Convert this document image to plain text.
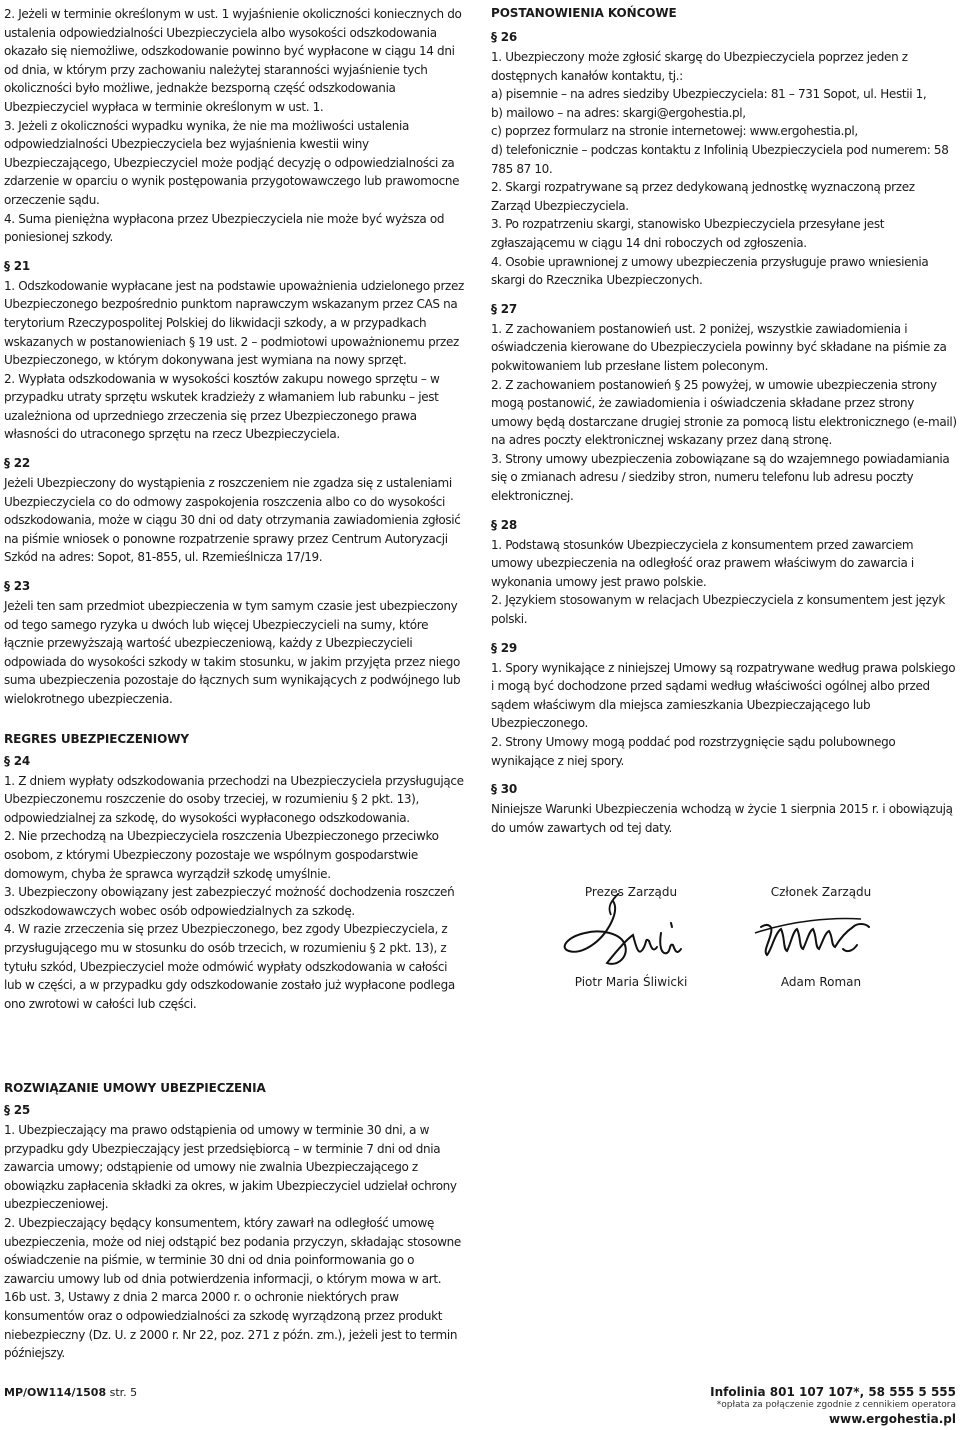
2. Jeżeli w terminie określonym w ust. 1 wyjaśnienie okoliczności koniecznych do ustalenia odpowiedzialności Ubezpieczyciela albo wysokości odszkodowania okazało się niemożliwe, odszkodowanie powinno być wypłacone w ciągu 14 dni od dnia, w którym przy zachowaniu należytej staranności wyjaśnienie tych okoliczności było możliwe, jednakże bezsporną część odszkodowania Ubezpieczyciel wypłaca w terminie określonym w ust. 1.

3. Jeżeli z okoliczności wypadku wynika, że nie ma możliwości ustalenia odpowiedzialności Ubezpieczyciela bez wyjaśnienia kwestii winy Ubezpieczającego, Ubezpieczyciel może podjąć decyzję o odpowiedzialności za zdarzenie w oparciu o wynik postępowania przygotowawczego lub prawomocne orzeczenie sądu.

4. Suma pieniężna wypłacona przez Ubezpieczyciela nie może być wyższa od poniesionej szkody.

§ 21

1. Odszkodowanie wypłacane jest na podstawie upoważnienia udzielonego przez Ubezpieczonego bezpośrednio punktom naprawczym wskazanym przez CAS na terytorium Rzeczypospolitej Polskiej do likwidacji szkody, a w przypadkach wskazanych w postanowieniach § 19 ust. 2 – podmiotowi upoważnionemu przez Ubezpieczonego, w którym dokonywana jest wymiana na nowy sprzęt.

2. Wypłata odszkodowania w wysokości kosztów zakupu nowego sprzętu – w przypadku utraty sprzętu wskutek kradzieży z włamaniem lub rabunku – jest uzależniona od uprzedniego zrzeczenia się przez Ubezpieczonego prawa własności do utraconego sprzętu na rzecz Ubezpieczyciela.

§ 22

Jeżeli Ubezpieczony do wystąpienia z roszczeniem nie zgadza się z ustaleniami Ubezpieczyciela co do odmowy zaspokojenia roszczenia albo co do wysokości odszkodowania, może w ciągu 30 dni od daty otrzymania zawiadomienia zgłosić na piśmie wniosek o ponowne rozpatrzenie sprawy przez Centrum Autoryzacji Szkód na adres: Sopot, 81-855, ul. Rzemieślnicza 17/19.

§ 23

Jeżeli ten sam przedmiot ubezpieczenia w tym samym czasie jest ubezpieczony od tego samego ryzyka u dwóch lub więcej Ubezpieczycieli na sumy, które łącznie przewyższają wartość ubezpieczeniową, każdy z Ubezpieczycieli odpowiada do wysokości szkody w takim stosunku, w jakim przyjęta przez niego suma ubezpieczenia pozostaje do łącznych sum wynikających z podwójnego lub wielokrotnego ubezpieczenia.

REGRES UBEZPIECZENIOWY
§ 24

1. Z dniem wypłaty odszkodowania przechodzi na Ubezpieczyciela przysługujące Ubezpieczonemu roszczenie do osoby trzeciej, w rozumieniu § 2 pkt. 13), odpowiedzialnej za szkodę, do wysokości wypłaconego odszkodowania.

2. Nie przechodzą na Ubezpieczyciela roszczenia Ubezpieczonego przeciwko osobom, z którymi Ubezpieczony pozostaje we wspólnym gospodarstwie domowym, chyba że sprawca wyrządził szkodę umyślnie.

3. Ubezpieczony obowiązany jest zabezpieczyć możność dochodzenia roszczeń odszkodowawczych wobec osób odpowiedzialnych za szkodę.

4. W razie zrzeczenia się przez Ubezpieczonego, bez zgody Ubezpieczyciela, z przysługującego mu w stosunku do osób trzecich, w rozumieniu § 2 pkt. 13), z tytułu szkód, Ubezpieczyciel może odmówić wypłaty odszkodowania w całości lub w części, a w przypadku gdy odszkodowanie zostało już wypłacone podlega ono zwrotowi w całości lub części.

ROZWIĄZANIE UMOWY UBEZPIECZENIA
§ 25

1. Ubezpieczający ma prawo odstąpienia od umowy w terminie 30 dni, a w przypadku gdy Ubezpieczający jest przedsiębiorcą – w terminie 7 dni od dnia zawarcia umowy; odstąpienie od umowy nie zwalnia Ubezpieczającego z obowiązku zapłacenia składki za okres, w jakim Ubezpieczyciel udzielał ochrony ubezpieczeniowej.

2. Ubezpieczający będący konsumentem, który zawarł na odległość umowę ubezpieczenia, może od niej odstąpić bez podania przyczyn, składając stosowne oświadczenie na piśmie, w terminie 30 dni od dnia poinformowania go o zawarciu umowy lub od dnia potwierdzenia informacji, o którym mowa w art. 16b ust. 3, Ustawy z dnia 2 marca 2000 r. o ochronie niektórych praw konsumentów oraz o odpowiedzialności za szkodę wyrządzoną przez produkt niebezpieczny (Dz. U. z 2000 r. Nr 22, poz. 271 z późn. zm.), jeżeli jest to termin późniejszy.

POSTANOWIENIA KOŃCOWE
§ 26

1. Ubezpieczony może zgłosić skargę do Ubezpieczyciela poprzez jeden z dostępnych kanałów kontaktu, tj.:

a) pisemnie – na adres siedziby Ubezpieczyciela: 81 – 731 Sopot, ul. Hestii 1,

b) mailowo – na adres: skargi@ergohestia.pl,

c) poprzez formularz na stronie internetowej: www.ergohestia.pl,

d) telefonicznie – podczas kontaktu z Infolinią Ubezpieczyciela pod numerem: 58 785 87 10.

2. Skargi rozpatrywane są przez dedykowaną jednostkę wyznaczoną przez Zarząd Ubezpieczyciela.

3. Po rozpatrzeniu skargi, stanowisko Ubezpieczyciela przesyłane jest zgłaszającemu w ciągu 14 dni roboczych od zgłoszenia.

4. Osobie uprawnionej z umowy ubezpieczenia przysługuje prawo wniesienia skargi do Rzecznika Ubezpieczonych.

§ 27

1. Z zachowaniem postanowień ust. 2 poniżej, wszystkie zawiadomienia i oświadczenia kierowane do Ubezpieczyciela powinny być składane na piśmie za pokwitowaniem lub przesłane listem poleconym.

2. Z zachowaniem postanowień § 25 powyżej, w umowie ubezpieczenia strony mogą postanowić, że zawiadomienia i oświadczenia składane przez strony umowy będą dostarczane drugiej stronie za pomocą listu elektronicznego (e-mail) na adres poczty elektronicznej wskazany przez daną stronę.

3. Strony umowy ubezpieczenia zobowiązane są do wzajemnego powiadamiania się o zmianach adresu / siedziby stron, numeru telefonu lub adresu poczty elektronicznej.

§ 28

1. Podstawą stosunków Ubezpieczyciela z konsumentem przed zawarciem umowy ubezpieczenia na odległość oraz prawem właściwym do zawarcia i wykonania umowy jest prawo polskie.

2. Językiem stosowanym w relacjach Ubezpieczyciela z konsumentem jest język polski.

§ 29

1. Spory wynikające z niniejszej Umowy są rozpatrywane według prawa polskiego i mogą być dochodzone przed sądami według właściwości ogólnej albo przed sądem właściwym dla miejsca zamieszkania Ubezpieczającego lub Ubezpieczonego.

2. Strony Umowy mogą poddać pod rozstrzygnięcie sądu polubownego wynikające z niej spory.

§ 30

Niniejsze Warunki Ubezpieczenia wchodzą w życie 1 sierpnia 2015 r. i obowiązują do umów zawartych od tej daty.

Prezes Zarządu
Piotr Maria Śliwicki
Członek Zarządu
Adam Roman
MP/OW114/1508 str. 5	Infolinia 801 107 107*, 58 555 5 555
*opłata za połączenie zgodnie z cennikiem operatora
www.ergohestia.pl
